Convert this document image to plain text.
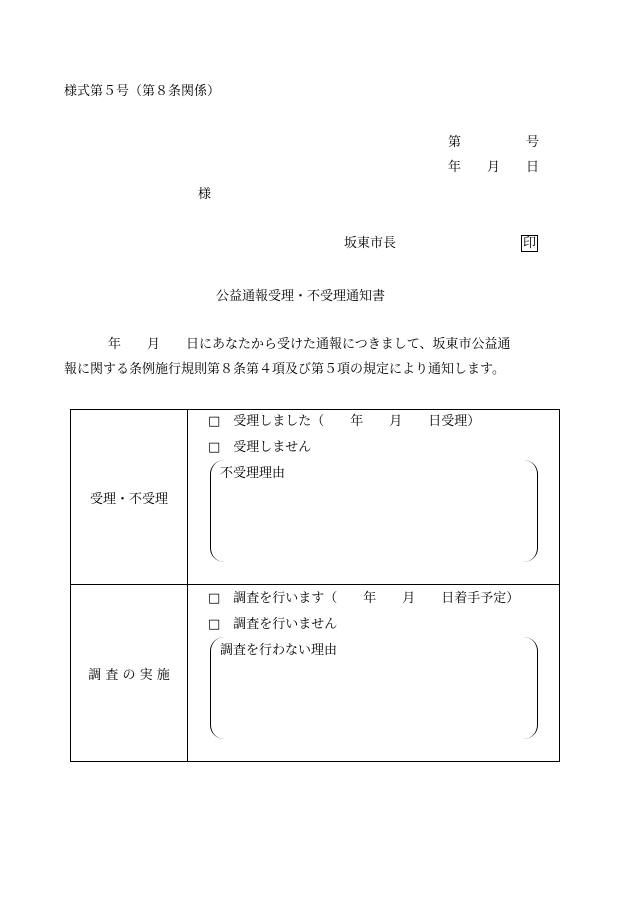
様式第５号（第８条関係）
第　　　　　号
年　　月　　日
様
坂東市長	印
公益通報受理・不受理通知書
年　　月　　日にあなたから受けた通報につきまして、坂東市公益通
報に関する条例施行規則第８条第４項及び第５項の規定により通知します。
受理・不受理	□　受理しました（　　年　　月　　日受理）
□　受理しません
不受理理由

調 査 の 実 施	□　調査を行います（　　年　　月　　日着手予定）
□　調査を行いません
調査を行わない理由
